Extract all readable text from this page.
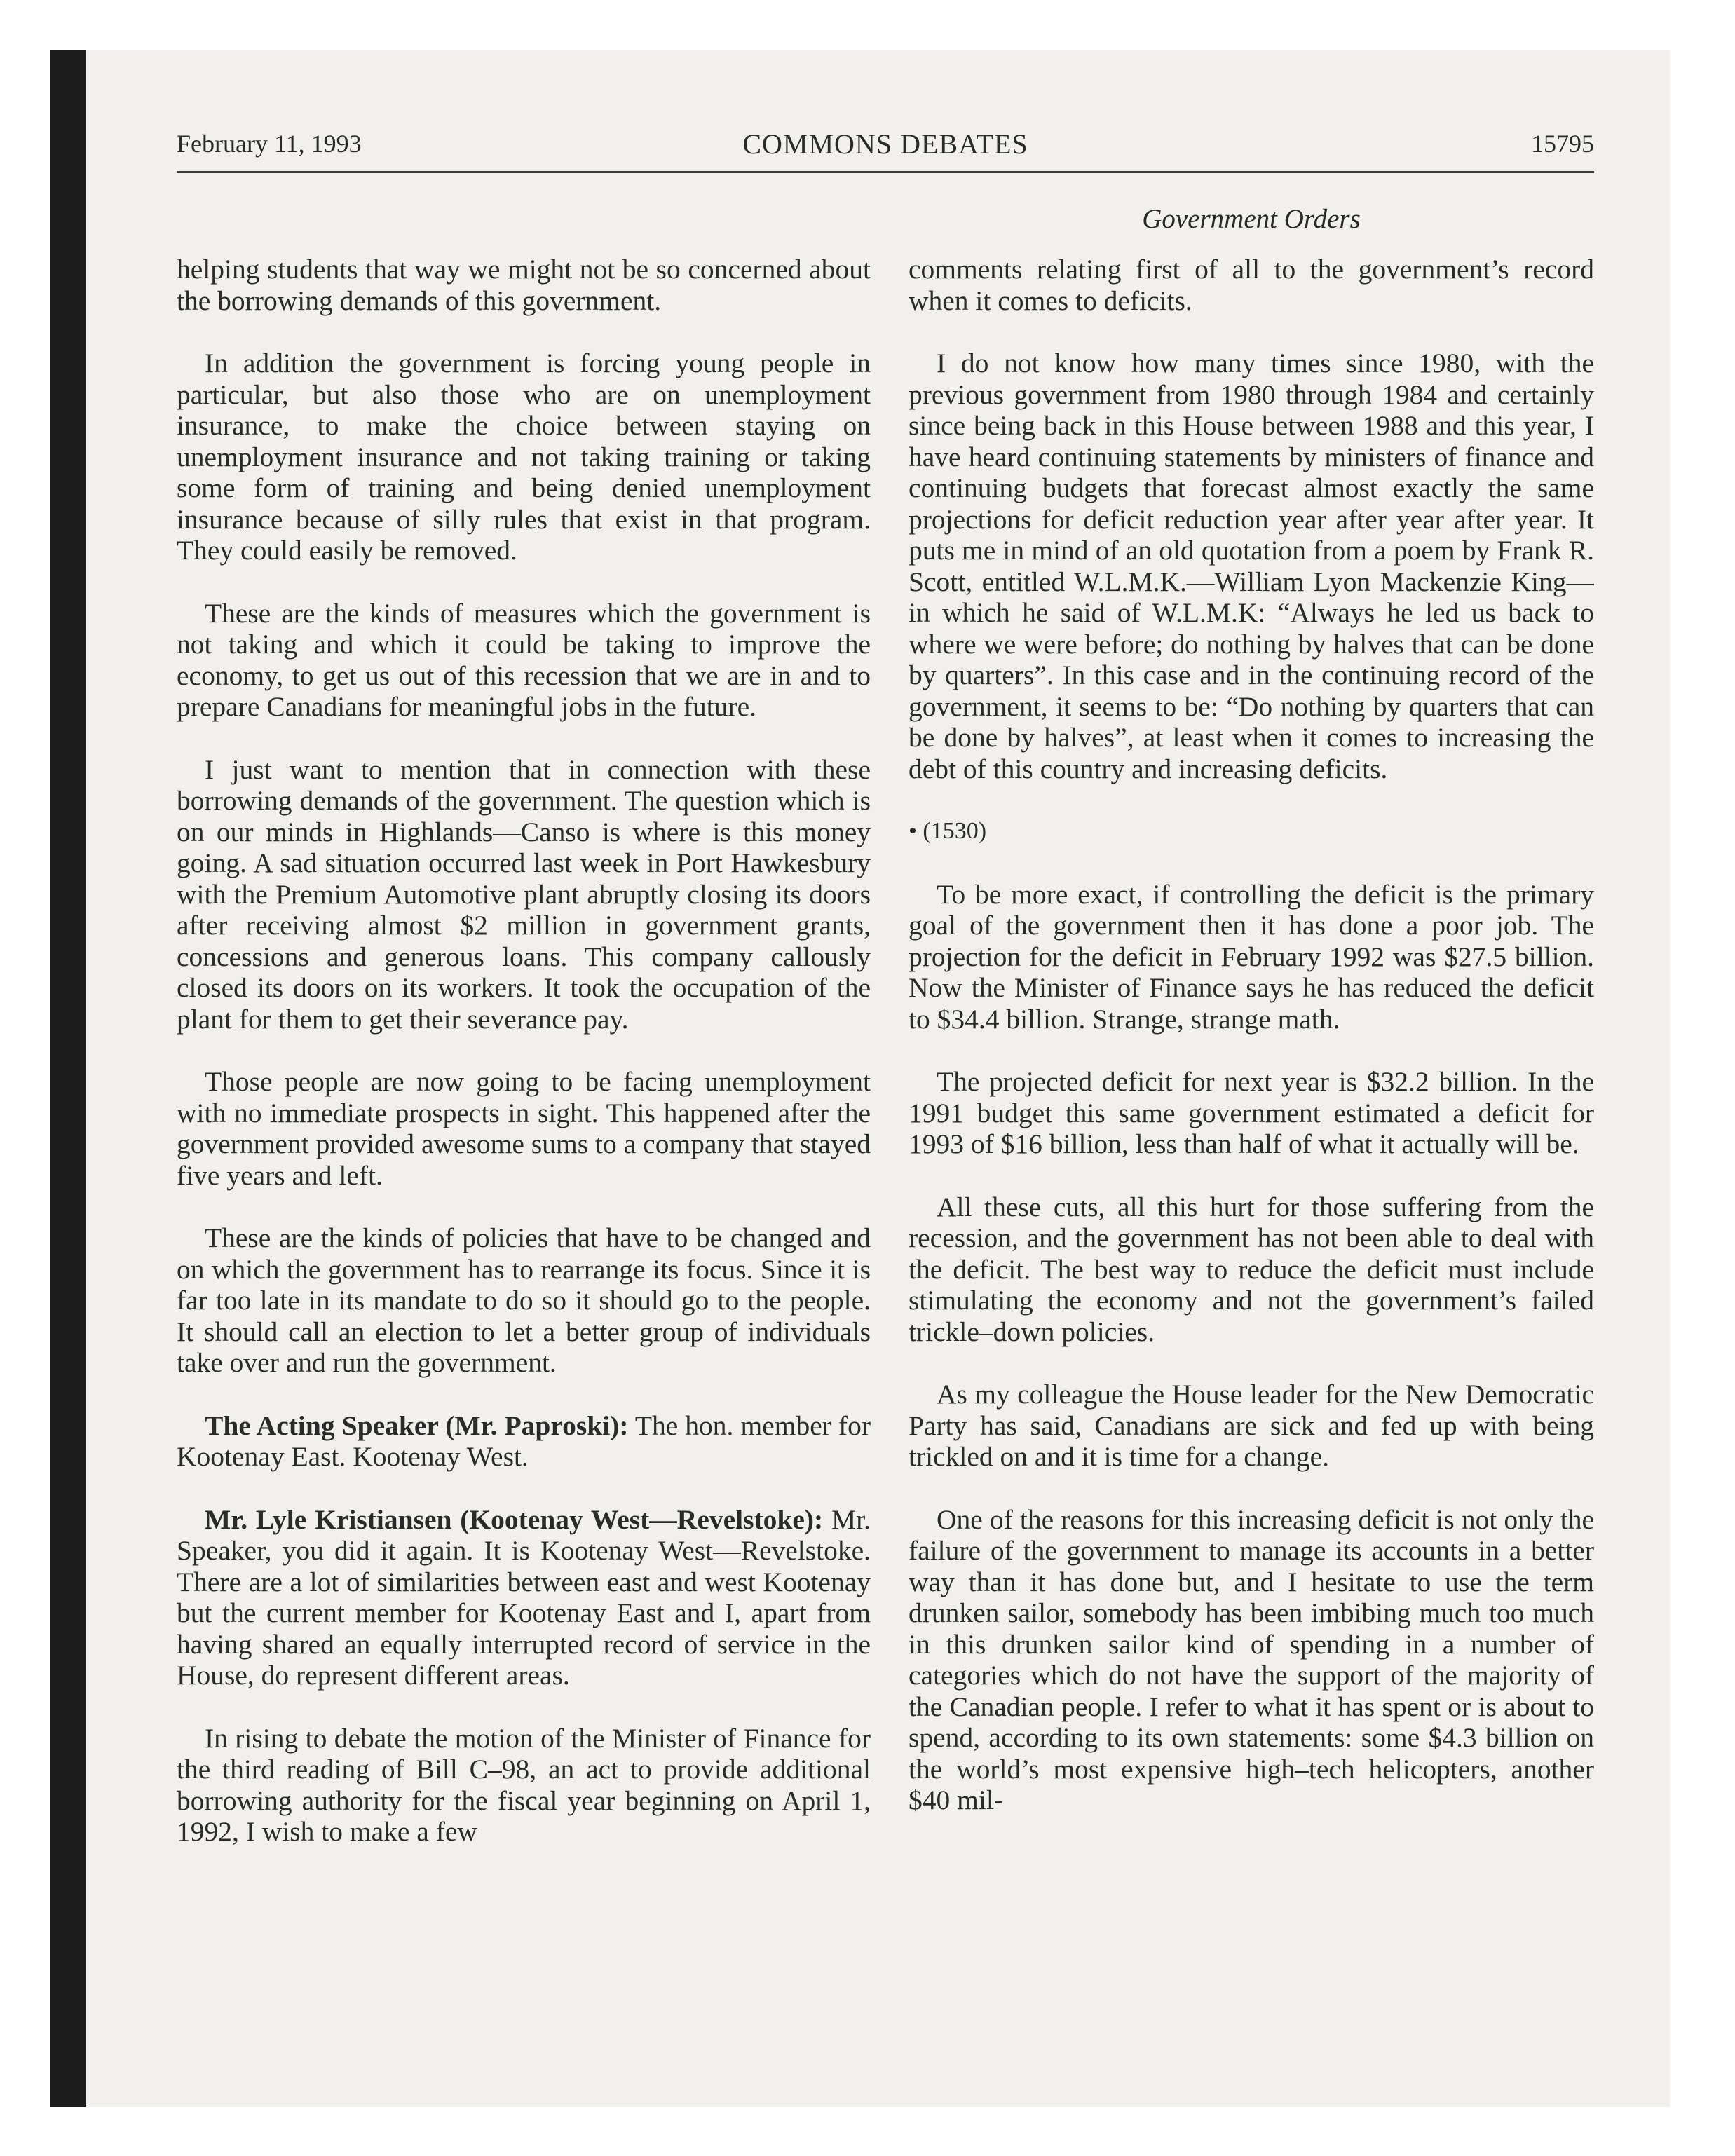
February 11, 1993	COMMONS DEBATES	15795
Government Orders

helping students that way we might not be so concerned about the borrowing demands of this government.

In addition the government is forcing young people in particular, but also those who are on unemployment insurance, to make the choice between staying on unemployment insurance and not taking training or taking some form of training and being denied unemployment insurance because of silly rules that exist in that program. They could easily be removed.

These are the kinds of measures which the government is not taking and which it could be taking to improve the economy, to get us out of this recession that we are in and to prepare Canadians for meaningful jobs in the future.

I just want to mention that in connection with these borrowing demands of the government. The question which is on our minds in Highlands—Canso is where is this money going. A sad situation occurred last week in Port Hawkesbury with the Premium Automotive plant abruptly closing its doors after receiving almost $2 million in government grants, concessions and generous loans. This company callously closed its doors on its workers. It took the occupation of the plant for them to get their severance pay.

Those people are now going to be facing unemployment with no immediate prospects in sight. This happened after the government provided awesome sums to a company that stayed five years and left.

These are the kinds of policies that have to be changed and on which the government has to rearrange its focus. Since it is far too late in its mandate to do so it should go to the people. It should call an election to let a better group of individuals take over and run the government.

The Acting Speaker (Mr. Paproski): The hon. member for Kootenay East. Kootenay West.

Mr. Lyle Kristiansen (Kootenay West—Revelstoke): Mr. Speaker, you did it again. It is Kootenay West—Revelstoke. There are a lot of similarities between east and west Kootenay but the current member for Kootenay East and I, apart from having shared an equally interrupted record of service in the House, do represent different areas.

In rising to debate the motion of the Minister of Finance for the third reading of Bill C–98, an act to provide additional borrowing authority for the fiscal year beginning on April 1, 1992, I wish to make a few

comments relating first of all to the government’s record when it comes to deficits.

I do not know how many times since 1980, with the previous government from 1980 through 1984 and certainly since being back in this House between 1988 and this year, I have heard continuing statements by ministers of finance and continuing budgets that forecast almost exactly the same projections for deficit reduction year after year after year. It puts me in mind of an old quotation from a poem by Frank R. Scott, entitled W.L.M.K.—William Lyon Mackenzie King—in which he said of W.L.M.K: “Always he led us back to where we were before; do nothing by halves that can be done by quarters”. In this case and in the continuing record of the government, it seems to be: “Do nothing by quarters that can be done by halves”, at least when it comes to increasing the debt of this country and increasing deficits.

• (1530)

To be more exact, if controlling the deficit is the primary goal of the government then it has done a poor job. The projection for the deficit in February 1992 was $27.5 billion. Now the Minister of Finance says he has reduced the deficit to $34.4 billion. Strange, strange math.

The projected deficit for next year is $32.2 billion. In the 1991 budget this same government estimated a deficit for 1993 of $16 billion, less than half of what it actually will be.

All these cuts, all this hurt for those suffering from the recession, and the government has not been able to deal with the deficit. The best way to reduce the deficit must include stimulating the economy and not the government’s failed trickle–down policies.

As my colleague the House leader for the New Democratic Party has said, Canadians are sick and fed up with being trickled on and it is time for a change.

One of the reasons for this increasing deficit is not only the failure of the government to manage its accounts in a better way than it has done but, and I hesitate to use the term drunken sailor, somebody has been imbibing much too much in this drunken sailor kind of spending in a number of categories which do not have the support of the majority of the Canadian people. I refer to what it has spent or is about to spend, according to its own statements: some $4.3 billion on the world’s most expensive high–tech helicopters, another $40 mil-
